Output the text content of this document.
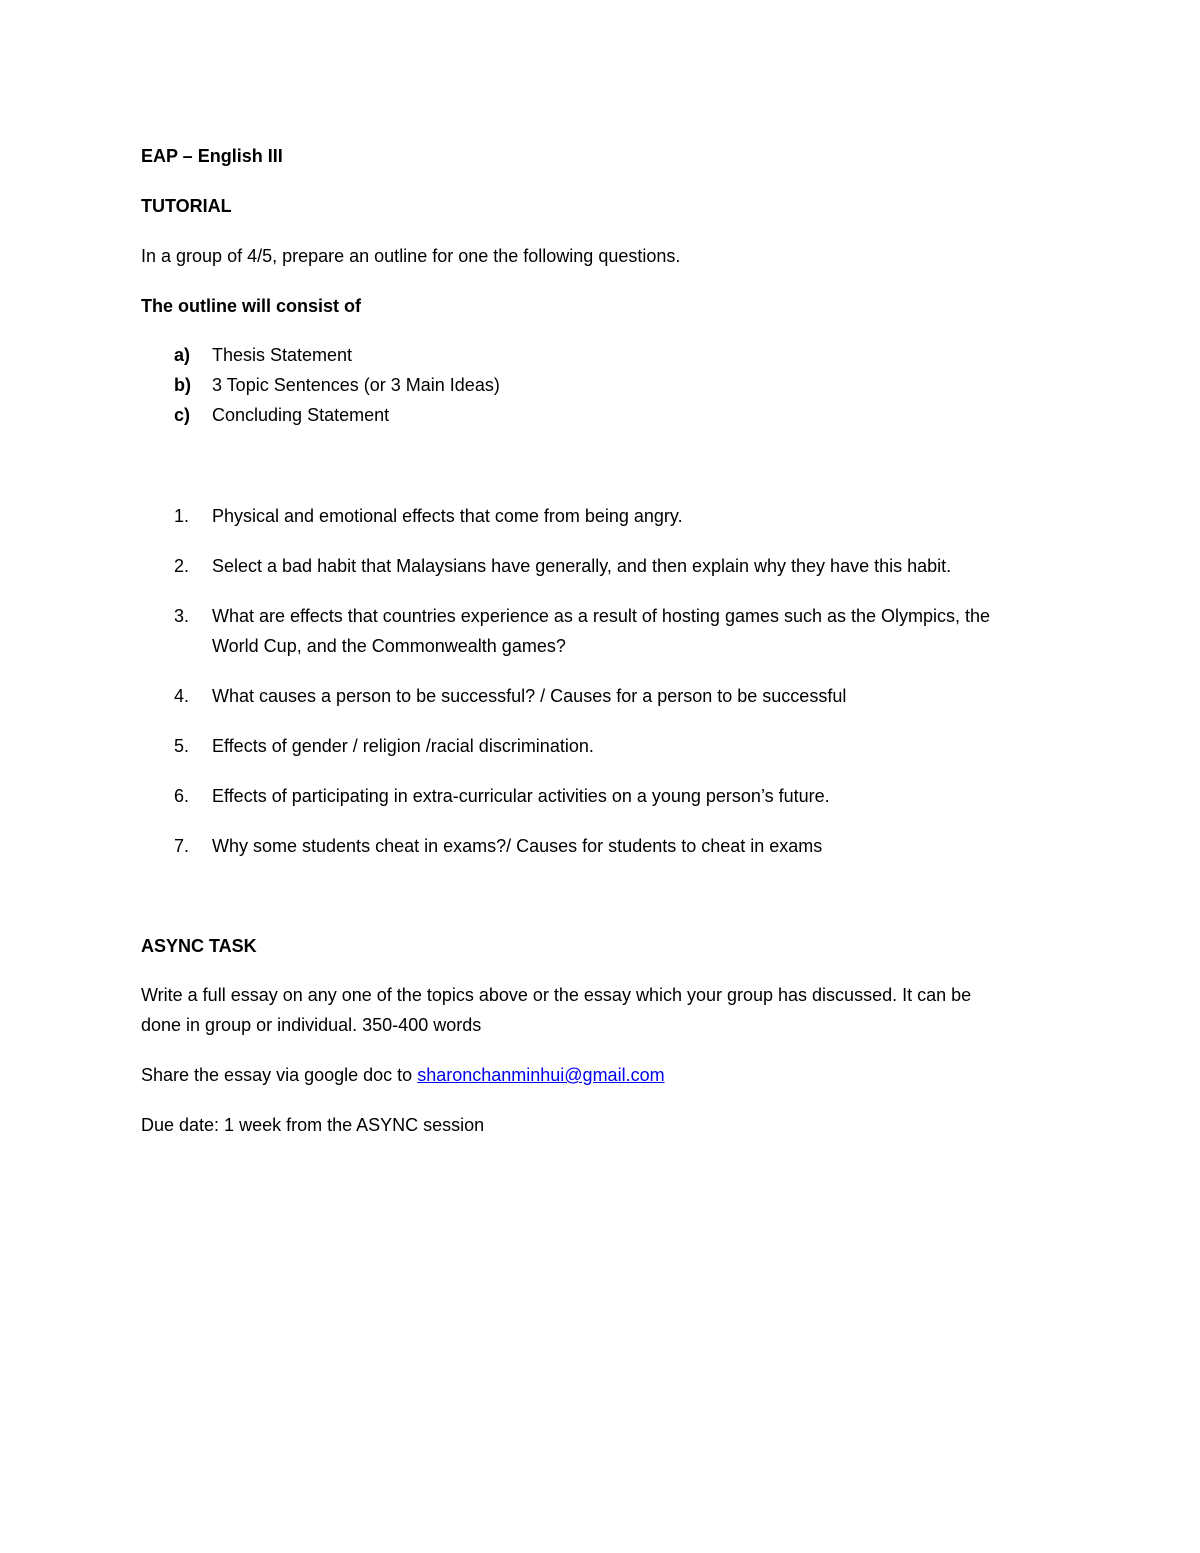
EAP – English III

TUTORIAL

In a group of 4/5, prepare an outline for one the following questions.

The outline will consist of

a) Thesis Statement
b) 3 Topic Sentences (or 3 Main Ideas)
c) Concluding Statement
1. Physical and emotional effects that come from being angry.
2. Select a bad habit that Malaysians have generally, and then explain why they have this habit.
3. What are effects that countries experience as a result of hosting games such as the Olympics, the
World Cup, and the Commonwealth games?
4. What causes a person to be successful? / Causes for a person to be successful
5. Effects of gender / religion /racial discrimination.
6. Effects of participating in extra-curricular activities on a young person’s future.
7. Why some students cheat in exams?/ Causes for students to cheat in exams

ASYNC TASK

Write a full essay on any one of the topics above or the essay which your group has discussed. It can be

done in group or individual. 350-400 words

Share the essay via google doc to sharonchanminhui@gmail.com

Due date: 1 week from the ASYNC session
